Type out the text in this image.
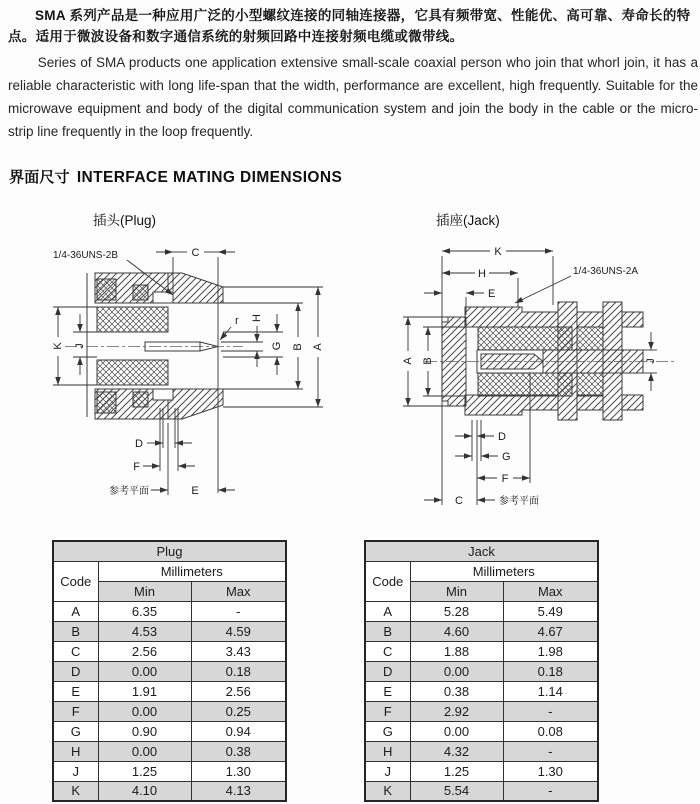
SMA 系列产品是一种应用广泛的小型螺纹连接的同轴连接器，它具有频带宽、性能优、高可靠、寿命长的特点。适用于微波设备和数字通信系统的射频回路中连接射频电缆或微带线。

Series of SMA products one application extensive small-scale coaxial person who join that whorl join, it has a reliable characteristic with long life-span that the width, performance are excellent, high frequently. Suitable for the microwave equipment and body of the digital communication system and join the body in the cable or the micro-strip line frequently in the loop frequently.

界面尺寸 INTERFACE MATING DIMENSIONS
插头(Plug)	插座(Jack)
1/4-36UNS-2B	C
A
B
G
H
K J
D
F
E
参考平面
r
K
H
E
1/4-36UNS-2A
A B	J
D
G
F
C	参考平面
Plug		
Code	Millimeters	
	Min	Max
A	6.35	-
B	4.53	4.59
C	2.56	3.43
D	0.00	0.18
E	1.91	2.56
F	0.00	0.25
G	0.90	0.94
H	0.00	0.38
J	1.25	1.30
K	4.10	4.13
Jack		
Code	Millimeters	
	Min	Max
A	5.28	5.49
B	4.60	4.67
C	1.88	1.98
D	0.00	0.18
E	0.38	1.14
F	2.92	-
G	0.00	0.08
H	4.32	-
J	1.25	1.30
K	5.54	-
